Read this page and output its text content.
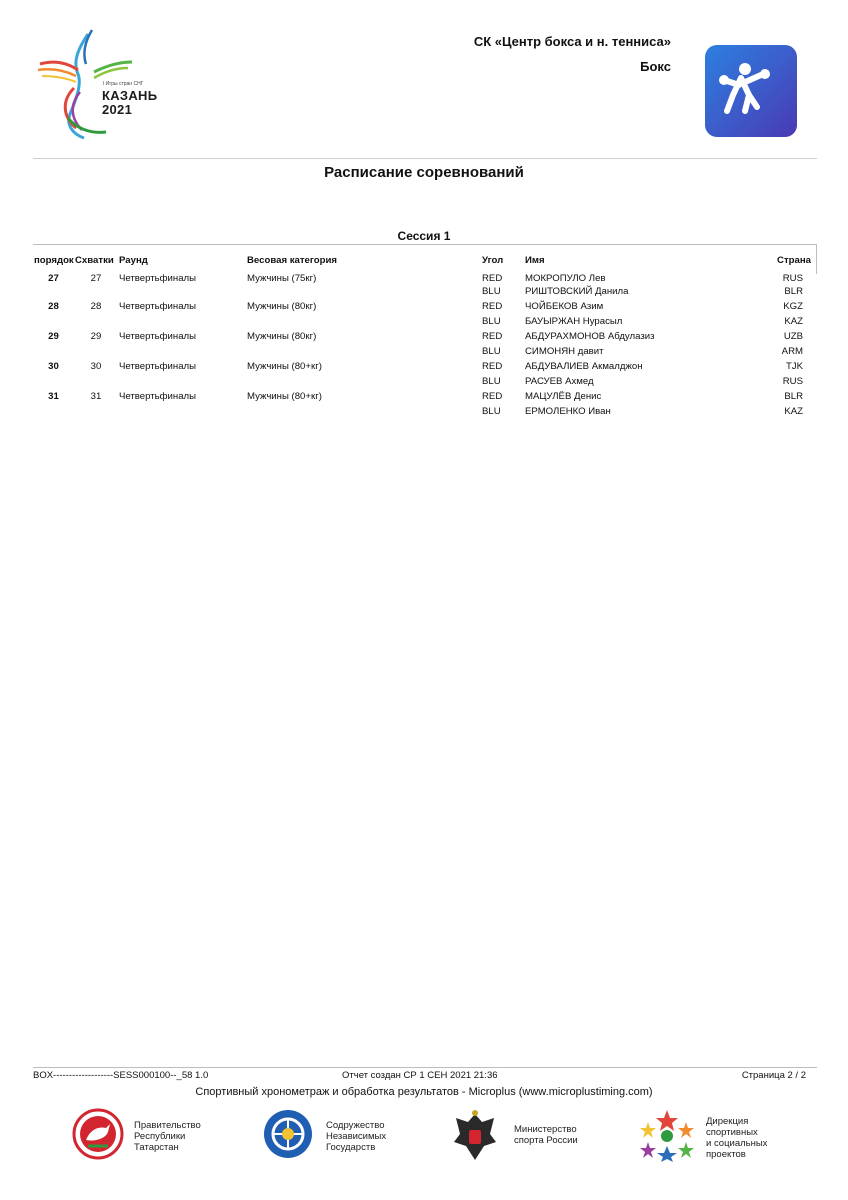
I Игры стран СНГ
КАЗАНЬ
2021
СК «Центр бокса и н. тенниса»
Бокс
Расписание соревнований
Сессия 1
порядок	Схватки	Раунд	Весовая категория	Угол	Имя	Страна
27	27	Четвертьфиналы	Мужчины (75кг)	RED	МОКРОПУЛО Лев	RUS
				BLU	РИШТОВСКИЙ Данила	BLR
28	28	Четвертьфиналы	Мужчины (80кг)	RED	ЧОЙБЕКОВ Азим	KGZ
				BLU	БАУЫРЖАН Нурасыл	KAZ
29	29	Четвертьфиналы	Мужчины (80кг)	RED	АБДУРАХМОНОВ Абдулазиз	UZB
				BLU	СИМОНЯН давит	ARM
30	30	Четвертьфиналы	Мужчины (80+кг)	RED	АБДУВАЛИЕВ Акмалджон	TJK
				BLU	РАСУЕВ Ахмед	RUS
31	31	Четвертьфиналы	Мужчины (80+кг)	RED	МАЦУЛЁВ Денис	BLR
				BLU	ЕРМОЛЕНКО Иван	KAZ
BOX-------------------SESS000100--_58 1.0	Отчет создан СР 1 СЕН 2021 21:36	Страница 2 / 2
Спортивный хронометраж и обработка результатов - Microplus (www.microplustiming.com)
Правительство
Республики
Татарстан
Содружество
Независимых
Государств
Министерство
спорта России
Дирекция
спортивных
и социальных
проектов
